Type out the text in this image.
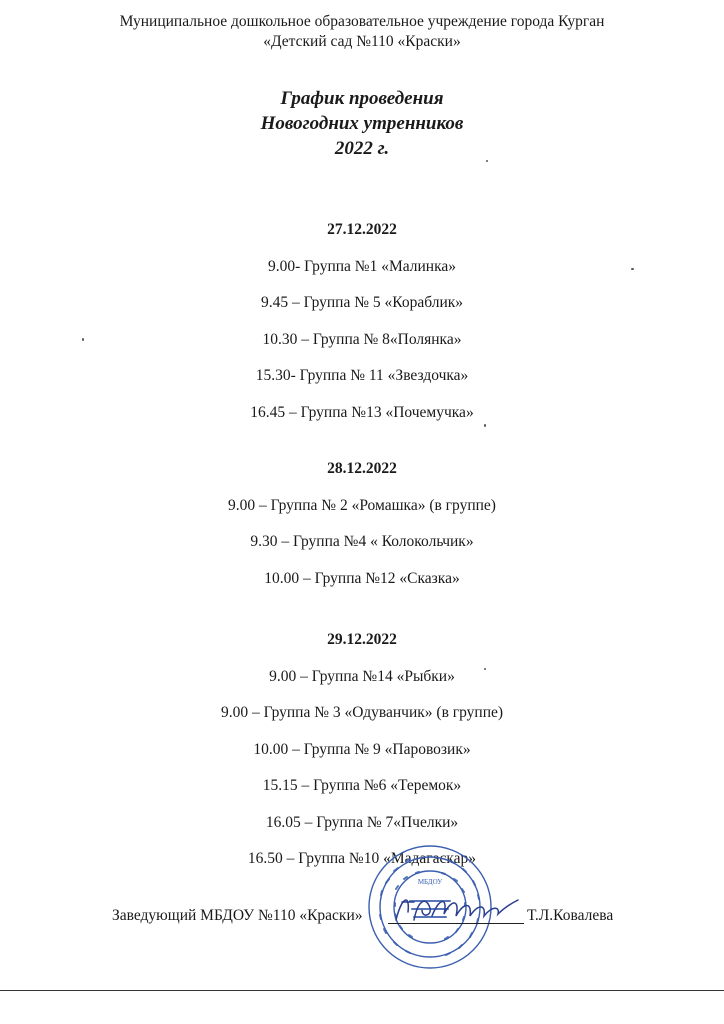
Муниципальное дошкольное образовательное учреждение города Курган
«Детский сад №110 «Краски»
График проведения
Новогодних утренников
2022 г.
27.12.2022
9.00- Группа №1 «Малинка»
9.45 – Группа № 5 «Кораблик»
10.30 – Группа № 8«Полянка»
15.30- Группа № 11 «Звездочка»
16.45 – Группа №13 «Почемучка»
28.12.2022
9.00 – Группа № 2 «Ромашка» (в группе)
9.30 – Группа №4 « Колокольчик»
10.00 – Группа №12 «Сказка»
29.12.2022
9.00 – Группа №14 «Рыбки»
9.00 – Группа № 3 «Одуванчик» (в группе)
10.00 – Группа № 9 «Паровозик»
15.15 – Группа №6 «Теремок»
16.05 – Группа № 7«Пчелки»
16.50 – Группа №10 «Мадагаскар»
МБДОУ
Заведующий МБДОУ №110 «Краски»	Т.Л.Ковалева
